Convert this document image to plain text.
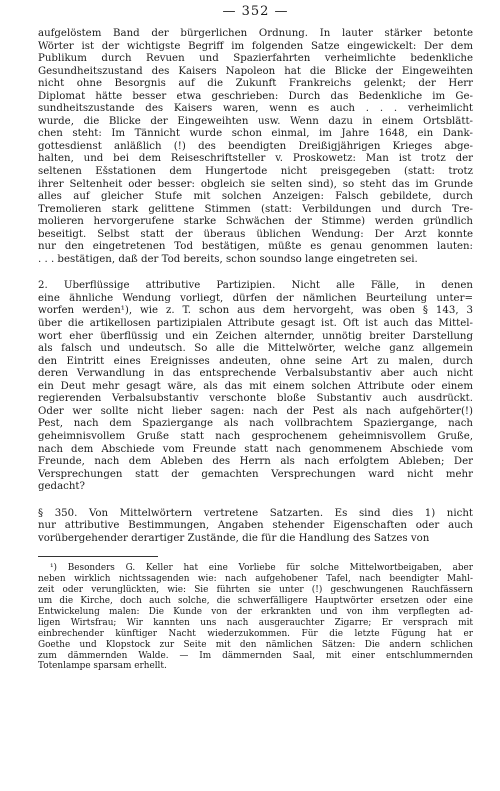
— 352 —
aufgelöstem Band der bürgerlichen Ordnung. In lauter stärker betonte
Wörter ist der wichtigste Begriff im folgenden Satze eingewickelt: Der dem
Publikum durch Revuen und Spazierfahrten verheimlichte bedenkliche
Gesundheitszustand des Kaisers Napoleon hat die Blicke der Eingeweihten
nicht ohne Besorgnis auf die Zukunft Frankreichs gelenkt; der Herr
Diplomat hätte besser etwa geschrieben: Durch das Bedenkliche im Ge-
sundheitszustande des Kaisers waren, wenn es auch . . . verheimlicht
wurde, die Blicke der Eingeweihten usw. Wenn dazu in einem Ortsblätt-
chen steht: Im Tännicht wurde schon einmal, im Jahre 1648, ein Dank-
gottesdienst anläßlich (!) des beendigten Dreißigjährigen Krieges abge-
halten, und bei dem Reiseschriftsteller v. Proskowetz: Man ist trotz der
seltenen Ešstationen dem Hungertode nicht preisgegeben (statt: trotz
ihrer Seltenheit oder besser: obgleich sie selten sind), so steht das im Grunde
alles auf gleicher Stufe mit solchen Anzeigen: Falsch gebildete, durch
Tremolieren stark gelittene Stimmen (statt: Verbildungen und durch Tre-
molieren hervorgerufene starke Schwächen der Stimme) werden gründlich
beseitigt. Selbst statt der überaus üblichen Wendung: Der Arzt konnte
nur den eingetretenen Tod bestätigen, müßte es genau genommen lauten:
. . . bestätigen, daß der Tod bereits, schon soundso lange eingetreten sei.
2. Überflüssige attributive Partizipien. Nicht alle Fälle, in denen
eine ähnliche Wendung vorliegt, dürfen der nämlichen Beurteilung unter=
worfen werden¹), wie z. T. schon aus dem hervorgeht, was oben § 143, 3
über die artikellosen partizipialen Attribute gesagt ist. Oft ist auch das Mittel-
wort eher überflüssig und ein Zeichen alternder, unnötig breiter Darstellung
als falsch und undeutsch. So alle die Mittelwörter, welche ganz allgemein
den Eintritt eines Ereignisses andeuten, ohne seine Art zu malen, durch
deren Verwandlung in das entsprechende Verbalsubstantiv aber auch nicht
ein Deut mehr gesagt wäre, als das mit einem solchen Attribute oder einem
regierenden Verbalsubstantiv verschonte bloße Substantiv auch ausdrückt.
Oder wer sollte nicht lieber sagen: nach der Pest als nach aufgehörter(!)
Pest, nach dem Spaziergange als nach vollbrachtem Spaziergange, nach
geheimnisvollem Gruße statt nach gesprochenem geheimnisvollem Gruße,
nach dem Abschiede vom Freunde statt nach genommenem Abschiede vom
Freunde, nach dem Ableben des Herrn als nach erfolgtem Ableben; Der
Versprechungen statt der gemachten Versprechungen ward nicht mehr
gedacht?
§ 350. Von Mittelwörtern vertretene Satzarten. Es sind dies 1) nicht
nur attributive Bestimmungen, Angaben stehender Eigenschaften oder auch
vorübergehender derartiger Zustände, die für die Handlung des Satzes von
¹) Besonders G. Keller hat eine Vorliebe für solche Mittelwortbeigaben, aber
neben wirklich nichtssagenden wie: nach aufgehobener Tafel, nach beendigter Mahl-
zeit oder verunglückten, wie: Sie führten sie unter (!) geschwungenen Rauchfässern
um die Kirche, doch auch solche, die schwerfälligere Hauptwörter ersetzen oder eine
Entwickelung malen: Die Kunde von der erkrankten und von ihm verpflegten ad-
ligen Wirtsfrau; Wir kannten uns nach ausgerauchter Zigarre; Er versprach mit
einbrechender künftiger Nacht wiederzukommen. Für die letzte Fügung hat er
Goethe und Klopstock zur Seite mit den nämlichen Sätzen: Die andern schlichen
zum dämmernden Walde. — Im dämmernden Saal, mit einer entschlummernden
Totenlampe sparsam erhellt.
